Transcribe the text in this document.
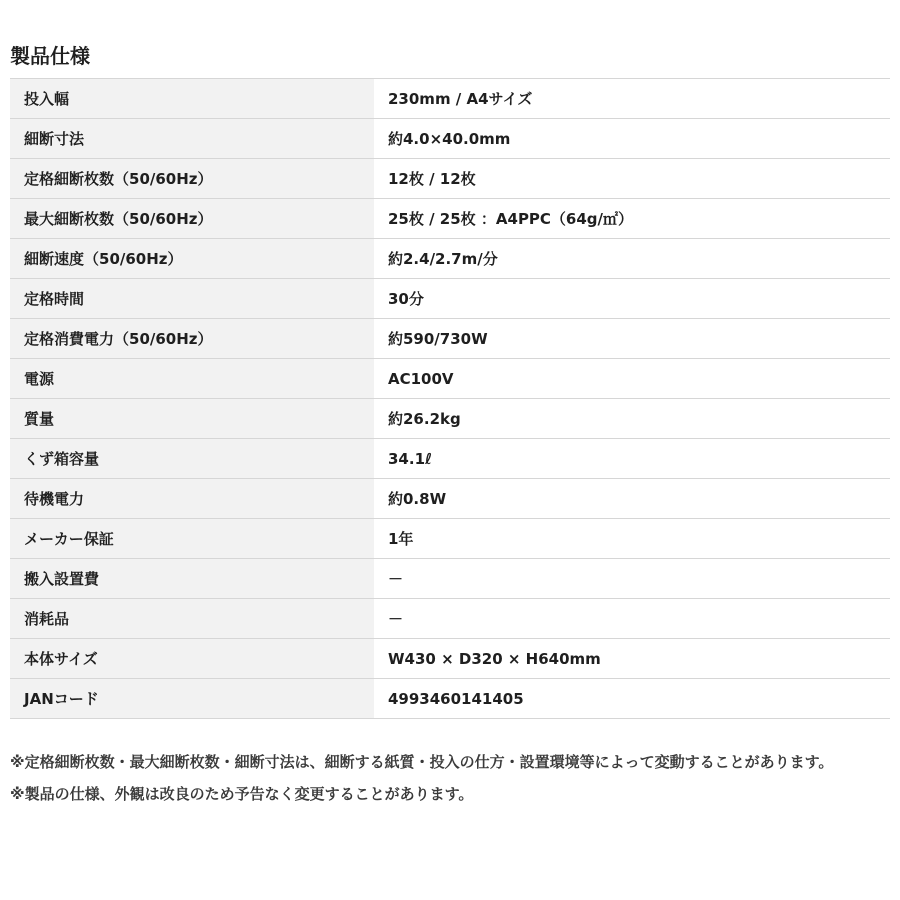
製品仕様
投入幅	230mm / A4サイズ
細断寸法	約4.0×40.0mm
定格細断枚数（50/60Hz）	12枚 / 12枚
最大細断枚数（50/60Hz）	25枚 / 25枚 ：A4PPC（64g/㎡）
細断速度（50/60Hz）	約2.4/2.7m/分
定格時間	30分
定格消費電力（50/60Hz）	約590/730W
電源	AC100V
質量	約26.2kg
くず箱容量	34.1ℓ
待機電力	約0.8W
メーカー保証	1年
搬入設置費	－
消耗品	－
本体サイズ	W430 × D320 × H640mm
JANコード	4993460141405
※定格細断枚数・最大細断枚数・細断寸法は、細断する紙質・投入の仕方・設置環境等によって変動することがあります。
※製品の仕様、外観は改良のため予告なく変更することがあります。
